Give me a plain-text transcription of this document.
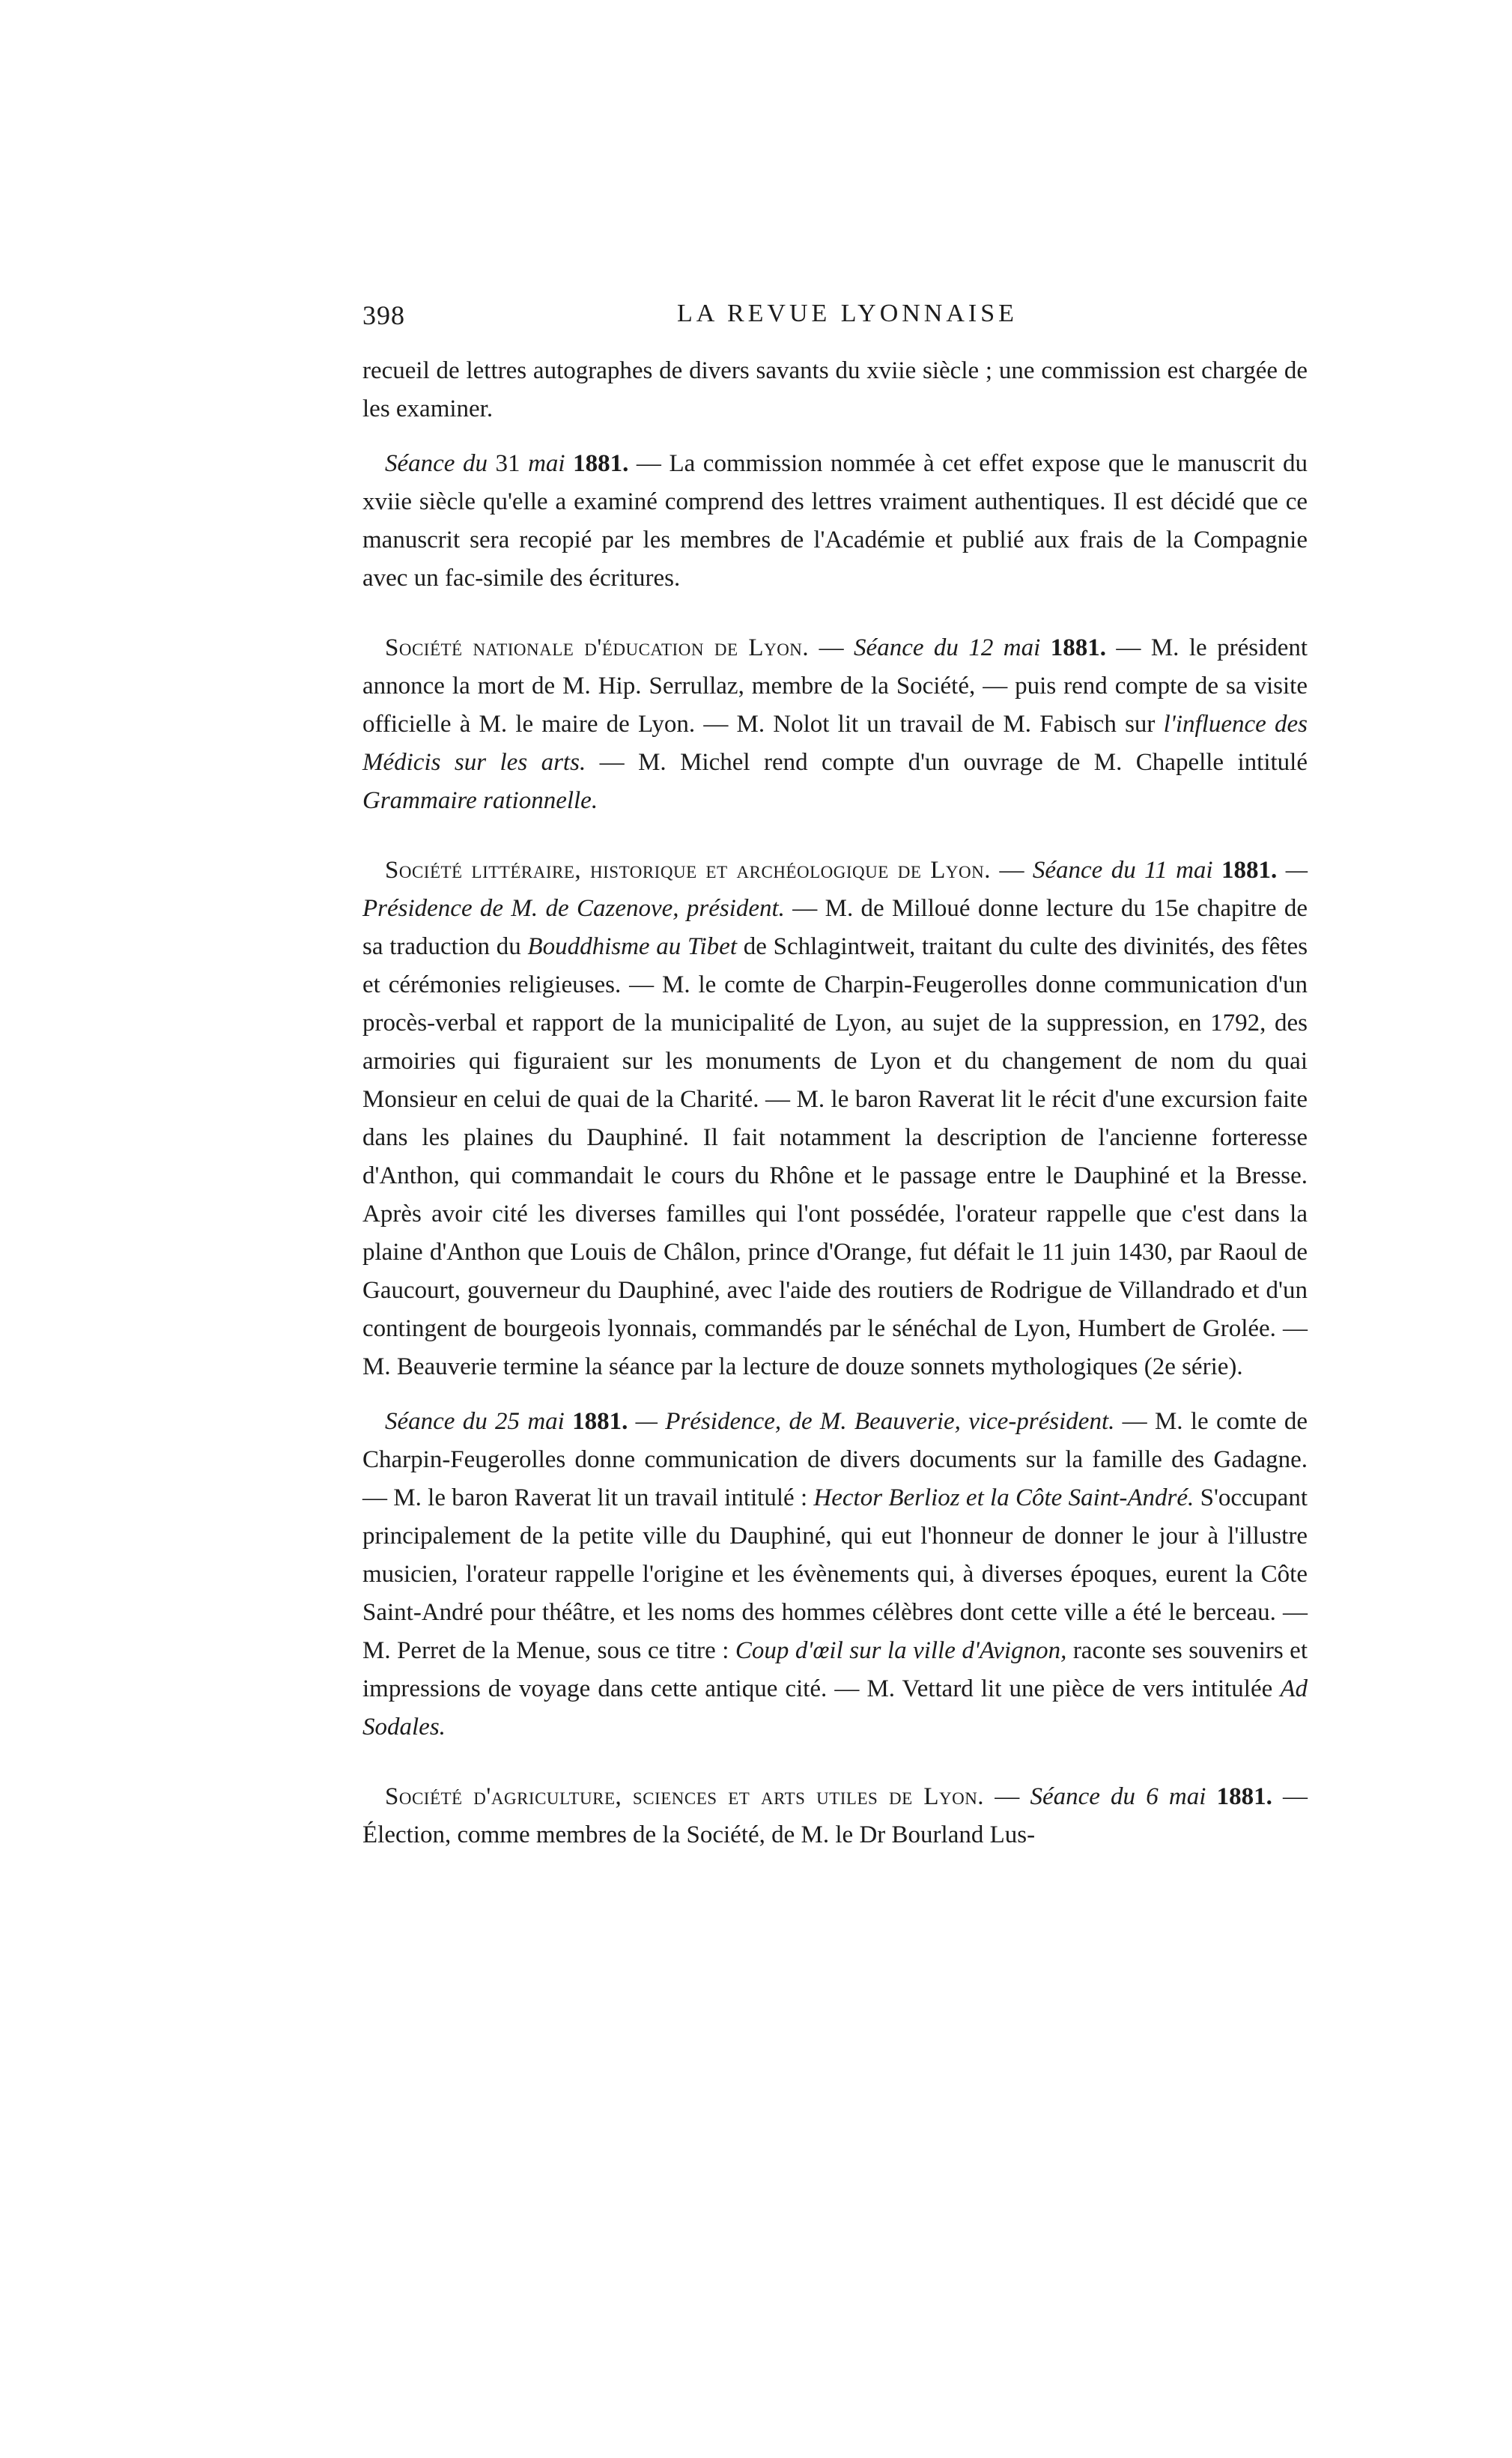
398	LA REVUE LYONNAISE

recueil de lettres autographes de divers savants du xviie siècle ; une commission est chargée de les examiner.

Séance du 31 mai 1881. — La commission nommée à cet effet expose que le manuscrit du xviie siècle qu'elle a examiné comprend des lettres vraiment authentiques. Il est décidé que ce manuscrit sera recopié par les membres de l'Académie et publié aux frais de la Compagnie avec un fac-simile des écritures.

Société nationale d'éducation de Lyon. — Séance du 12 mai 1881. — M. le président annonce la mort de M. Hip. Serrullaz, membre de la Société, — puis rend compte de sa visite officielle à M. le maire de Lyon. — M. Nolot lit un travail de M. Fabisch sur l'influence des Médicis sur les arts. — M. Michel rend compte d'un ouvrage de M. Chapelle intitulé Grammaire rationnelle.

Société littéraire, historique et archéologique de Lyon. — Séance du 11 mai 1881. — Présidence de M. de Cazenove, président. — M. de Milloué donne lecture du 15e chapitre de sa traduction du Bouddhisme au Tibet de Schlagintweit, traitant du culte des divinités, des fêtes et cérémonies religieuses. — M. le comte de Charpin-Feugerolles donne communication d'un procès-verbal et rapport de la municipalité de Lyon, au sujet de la suppression, en 1792, des armoiries qui figuraient sur les monuments de Lyon et du changement de nom du quai Monsieur en celui de quai de la Charité. — M. le baron Raverat lit le récit d'une excursion faite dans les plaines du Dauphiné. Il fait notamment la description de l'ancienne forteresse d'Anthon, qui commandait le cours du Rhône et le passage entre le Dauphiné et la Bresse. Après avoir cité les diverses familles qui l'ont possédée, l'orateur rappelle que c'est dans la plaine d'Anthon que Louis de Châlon, prince d'Orange, fut défait le 11 juin 1430, par Raoul de Gaucourt, gouverneur du Dauphiné, avec l'aide des routiers de Rodrigue de Villandrado et d'un contingent de bourgeois lyonnais, commandés par le sénéchal de Lyon, Humbert de Grolée. — M. Beauverie termine la séance par la lecture de douze sonnets mythologiques (2e série).

Séance du 25 mai 1881. — Présidence, de M. Beauverie, vice-président. — M. le comte de Charpin-Feugerolles donne communication de divers documents sur la famille des Gadagne. — M. le baron Raverat lit un travail intitulé : Hector Berlioz et la Côte Saint-André. S'occupant principalement de la petite ville du Dauphiné, qui eut l'honneur de donner le jour à l'illustre musicien, l'orateur rappelle l'origine et les évènements qui, à diverses époques, eurent la Côte Saint-André pour théâtre, et les noms des hommes célèbres dont cette ville a été le berceau. — M. Perret de la Menue, sous ce titre : Coup d'œil sur la ville d'Avignon, raconte ses souvenirs et impressions de voyage dans cette antique cité. — M. Vettard lit une pièce de vers intitulée Ad Sodales.

Société d'agriculture, sciences et arts utiles de Lyon. — Séance du 6 mai 1881. — Élection, comme membres de la Société, de M. le Dr Bourland Lus-
